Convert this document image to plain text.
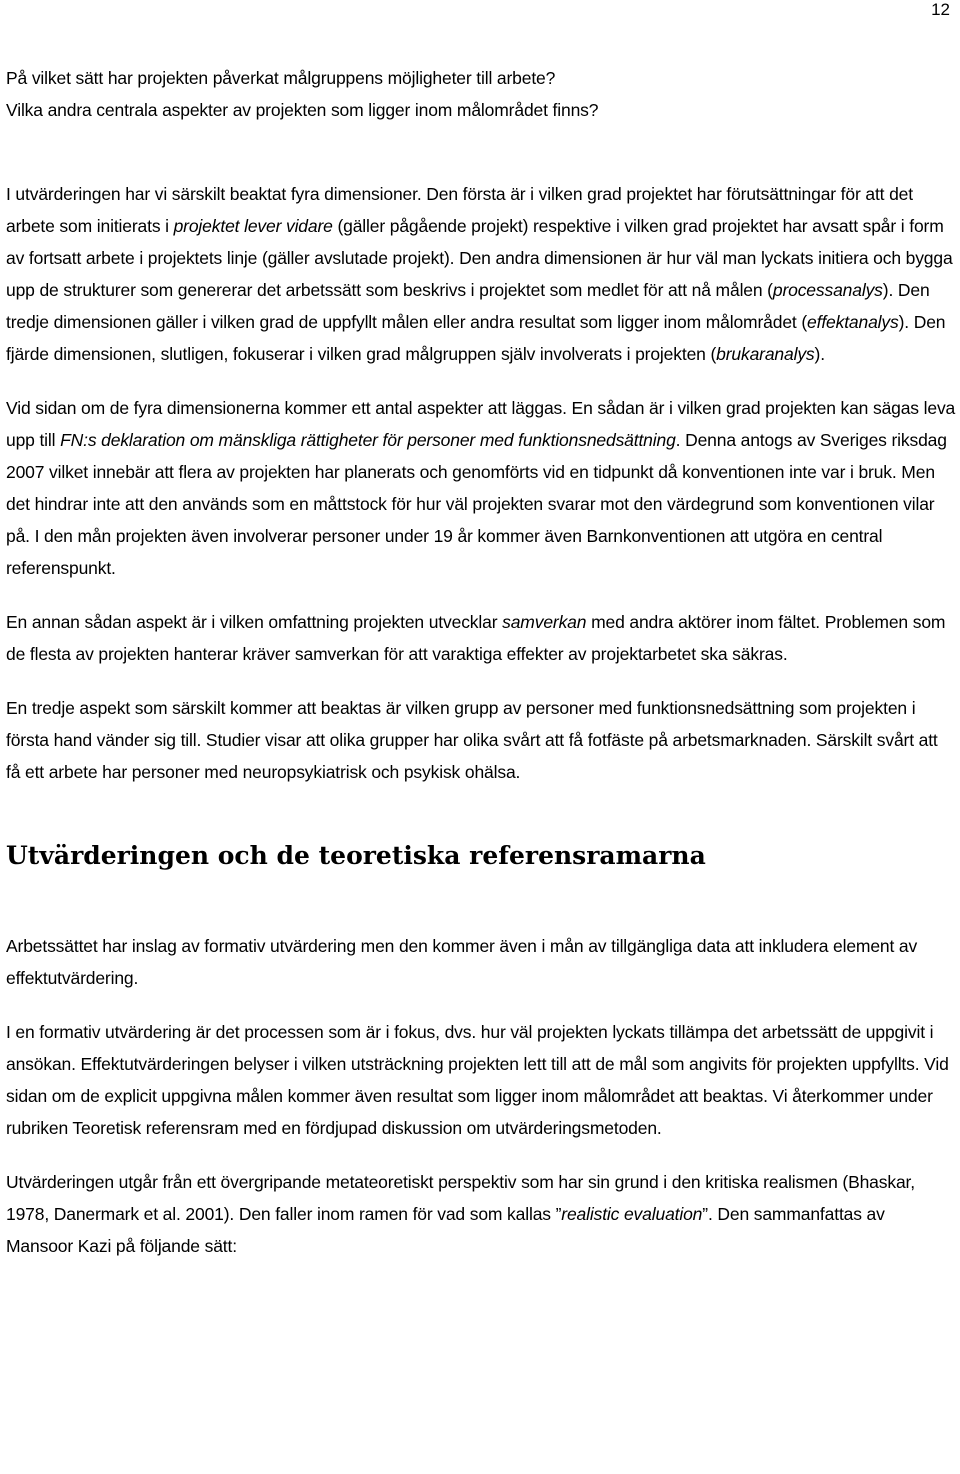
12

På vilket sätt har projekten påverkat målgruppens möjligheter till arbete?

Vilka andra centrala aspekter av projekten som ligger inom målområdet finns?

I utvärderingen har vi särskilt beaktat fyra dimensioner. Den första är i vilken grad projektet har förutsättningar för att det arbete som initierats i projektet lever vidare (gäller pågående projekt) respektive i vilken grad projektet har avsatt spår i form av fortsatt arbete i projektets linje (gäller avslutade projekt). Den andra dimensionen är hur väl man lyckats initiera och bygga upp de strukturer som genererar det arbetssätt som beskrivs i projektet som medlet för att nå målen (processanalys). Den tredje dimensionen gäller i vilken grad de uppfyllt målen eller andra resultat som ligger inom målområdet (effektanalys). Den fjärde dimensionen, slutligen, fokuserar i vilken grad målgruppen själv involverats i projekten (brukaranalys).

Vid sidan om de fyra dimensionerna kommer ett antal aspekter att läggas. En sådan är i vilken grad projekten kan sägas leva upp till FN:s deklaration om mänskliga rättigheter för personer med funktionsnedsättning. Denna antogs av Sveriges riksdag 2007 vilket innebär att flera av projekten har planerats och genomförts vid en tidpunkt då konventionen inte var i bruk. Men det hindrar inte att den används som en måttstock för hur väl projekten svarar mot den värdegrund som konventionen vilar på. I den mån projekten även involverar personer under 19 år kommer även Barnkonventionen att utgöra en central referenspunkt.

En annan sådan aspekt är i vilken omfattning projekten utvecklar samverkan med andra aktörer inom fältet. Problemen som de flesta av projekten hanterar kräver samverkan för att varaktiga effekter av projektarbetet ska säkras.

En tredje aspekt som särskilt kommer att beaktas är vilken grupp av personer med funktionsnedsättning som projekten i första hand vänder sig till. Studier visar att olika grupper har olika svårt att få fotfäste på arbetsmarknaden. Särskilt svårt att få ett arbete har personer med neuropsykiatrisk och psykisk ohälsa.

Utvärderingen och de teoretiska referensramarna

Arbetssättet har inslag av formativ utvärdering men den kommer även i mån av tillgängliga data att inkludera element av effektutvärdering.

I en formativ utvärdering är det processen som är i fokus, dvs. hur väl projekten lyckats tillämpa det arbetssätt de uppgivit i ansökan. Effektutvärderingen belyser i vilken utsträckning projekten lett till att de mål som angivits för projekten uppfyllts. Vid sidan om de explicit uppgivna målen kommer även resultat som ligger inom målområdet att beaktas. Vi återkommer under rubriken Teoretisk referensram med en fördjupad diskussion om utvärderingsmetoden.

Utvärderingen utgår från ett övergripande metateoretiskt perspektiv som har sin grund i den kritiska realismen (Bhaskar, 1978, Danermark et al. 2001). Den faller inom ramen för vad som kallas ”realistic evaluation”. Den sammanfattas av Mansoor Kazi på följande sätt:
